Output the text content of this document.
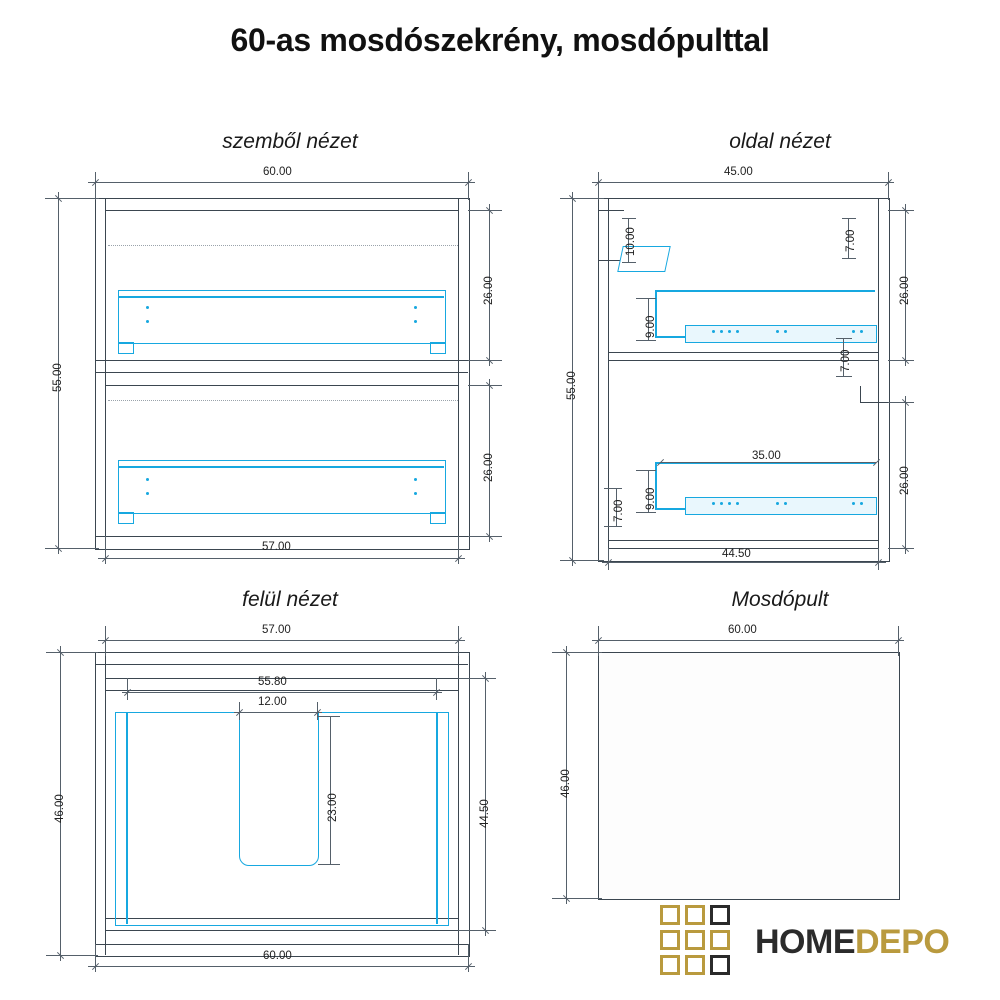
60-as mosdószekrény, mosdópulttal
szemből nézet	oldal nézet
felül nézet	Mosdópult
60.00
55.00
26.00
26.00
57.00
45.00
10.00	7.00
26.00
26.00
55.00
9.00
7.00
35.00
9.00
7.00
44.50
57.00
55.80
12.00
23.00
46.00	44.50
60.00
60.00
46.00
HOMEDEPO
